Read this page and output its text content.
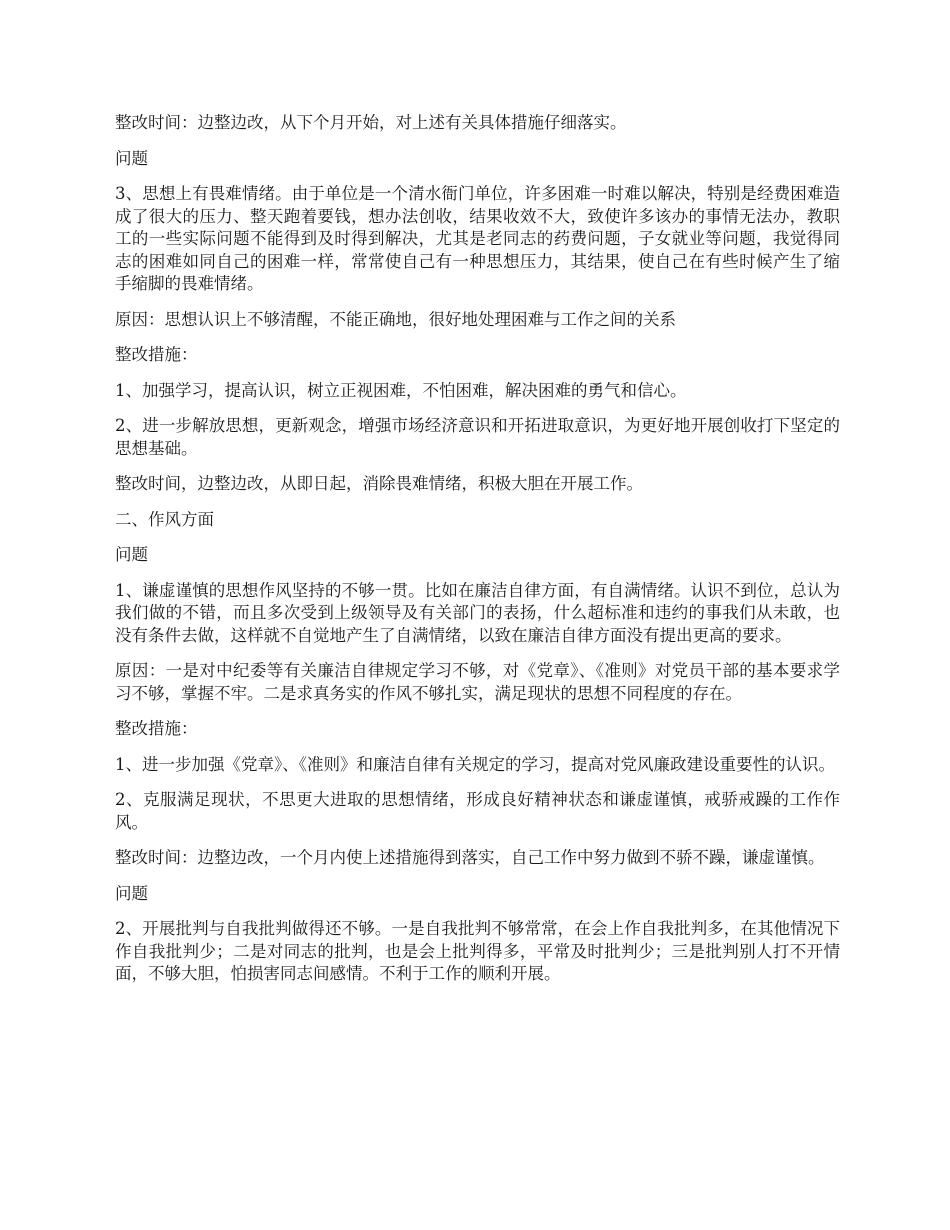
整改时间：边整边改，从下个月开始，对上述有关具体措施仔细落实。

问题

3、思想上有畏难情绪。由于单位是一个清水衙门单位，许多困难一时难以解决，特别是经费困难造成了很大的压力、整天跑着要钱，想办法创收，结果收效不大，致使许多该办的事情无法办，教职工的一些实际问题不能得到及时得到解决，尤其是老同志的药费问题，子女就业等问题，我觉得同志的困难如同自己的困难一样，常常使自己有一种思想压力，其结果，使自己在有些时候产生了缩手缩脚的畏难情绪。

原因：思想认识上不够清醒，不能正确地，很好地处理困难与工作之间的关系

整改措施：

1、加强学习，提高认识，树立正视困难，不怕困难，解决困难的勇气和信心。

2、进一步解放思想，更新观念，增强市场经济意识和开拓进取意识，为更好地开展创收打下坚定的思想基础。

整改时间，边整边改，从即日起，消除畏难情绪，积极大胆在开展工作。

二、作风方面

问题

1、谦虚谨慎的思想作风坚持的不够一贯。比如在廉洁自律方面，有自满情绪。认识不到位，总认为我们做的不错，而且多次受到上级领导及有关部门的表扬，什么超标准和违约的事我们从未敢，也没有条件去做，这样就不自觉地产生了自满情绪，以致在廉洁自律方面没有提出更高的要求。

原因：一是对中纪委等有关廉洁自律规定学习不够，对《党章》、《准则》对党员干部的基本要求学习不够，掌握不牢。二是求真务实的作风不够扎实，满足现状的思想不同程度的存在。

整改措施：

1、进一步加强《党章》、《准则》和廉洁自律有关规定的学习，提高对党风廉政建设重要性的认识。

2、克服满足现状，不思更大进取的思想情绪，形成良好精神状态和谦虚谨慎，戒骄戒躁的工作作风。

整改时间：边整边改，一个月内使上述措施得到落实，自己工作中努力做到不骄不躁，谦虚谨慎。

问题

2、开展批判与自我批判做得还不够。一是自我批判不够常常，在会上作自我批判多，在其他情况下作自我批判少；二是对同志的批判，也是会上批判得多，平常及时批判少；三是批判别人打不开情面，不够大胆，怕损害同志间感情。不利于工作的顺利开展。
